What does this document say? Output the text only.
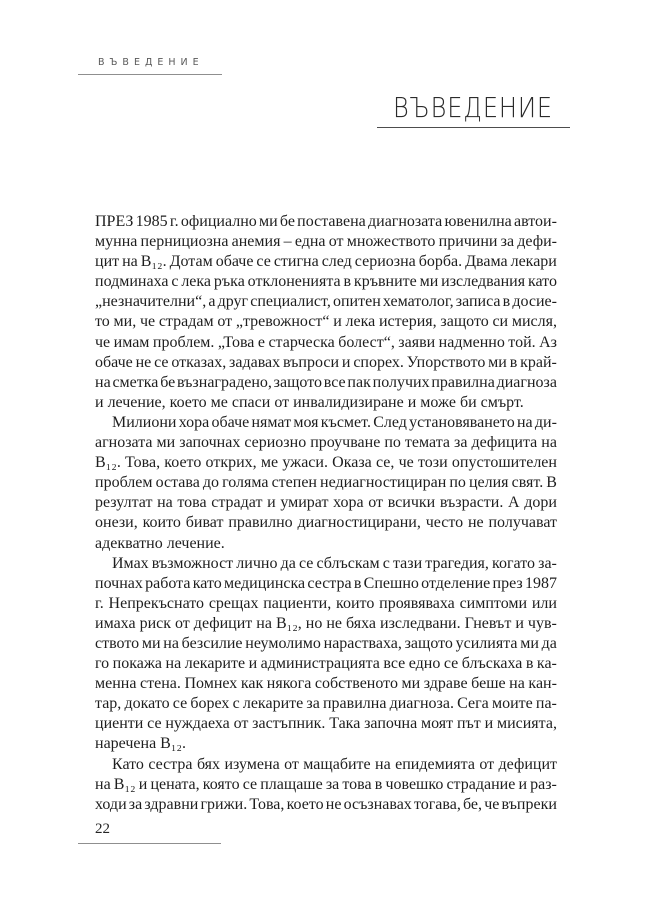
ВЪВЕДЕНИЕ
ВЪВЕДЕНИЕ
ПРЕЗ 1985 г. официално ми бе поставена диагнозата ювенилна автои-
мунна пернициозна анемия – една от множеството причини за дефи-
цит на B₁₂. Дотам обаче се стигна след сериозна борба. Двама лекари
подминаха с лека ръка отклоненията в кръвните ми изследвания като
„незначителни“, а друг специалист, опитен хематолог, записа в досие-
то ми, че страдам от „тревожност“ и лека истерия, защото си мисля,
че имам проблем. „Това е старческа болест“, заяви надменно той. Аз
обаче не се отказах, задавах въпроси и спорех. Упорството ми в край-
на сметка бе възнаградено, защото все пак получих правилна диагноза
и лечение, което ме спаси от инвалидизиране и може би смърт.
Милиони хора обаче нямат моя късмет. След установяването на ди-
агнозата ми започнах сериозно проучване по темата за дефицита на
B₁₂. Това, което открих, ме ужаси. Оказа се, че този опустошителен
проблем остава до голяма степен недиагностициран по целия свят. В
резултат на това страдат и умират хора от всички възрасти. А дори
онези, които биват правилно диагностицирани, често не получават
адекватно лечение.
Имах възможност лично да се сблъскам с тази трагедия, когато за-
почнах работа като медицинска сестра в Спешно отделение през 1987
г. Непрекъснато срещах пациенти, които проявяваха симптоми или
имаха риск от дефицит на B₁₂, но не бяха изследвани. Гневът и чув-
ството ми на безсилие неумолимо нарастваха, защото усилията ми да
го покажа на лекарите и администрацията все едно се блъскаха в ка-
менна стена. Помнех как някога собственото ми здраве беше на кан-
тар, докато се борех с лекарите за правилна диагноза. Сега моите па-
циенти се нуждаеха от застъпник. Така започна моят път и мисията,
наречена B₁₂.
Като сестра бях изумена от мащабите на епидемията от дефицит
на B₁₂ и цената, която се плащаше за това в човешко страдание и раз-
ходи за здравни грижи. Това, което не осъзнавах тогава, бе, че въпреки
22
